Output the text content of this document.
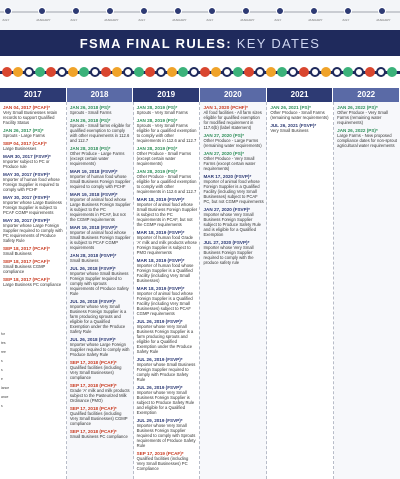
JULY	JANUARY	JULY	JANUARY	JULY	JANUARY	JULY	JANUARY	JULY	JANUARY	JULY	JANUARY
FSMA FINAL RULES: KEY DATES
2017	2018	2019	2020	2021	2022
JAN 04, 2017 (PCAF)*
Very Small Businesses retain records to support Qualified Facility Status
JAN 26, 2017 (PS)*
Sprouts - Large Farms
SEP 04, 2017 (CAF)*
Large Businesses
MAR 30, 2017 (FSVP)*
Importer subject to PC or Produce rule
MAY 30, 2017 (FSVP)*
Importer of human food whose Foreign Supplier is required to comply with PCHF
MAY 30, 2017 (FSVP)*
Importer whose Large Business Foreign Supplier is subject to PCAF CGMP requirements
MAY 30, 2017 (FSVP)*
Importer whose Large Foreign Supplier required to comply with PC requirements of Produce Safety Rule
SEP 18, 2017 (PCAF)*
Small Business
SEP 18, 2017 (PCAF)*
Small Business CGMP compliance
SEP 18, 2017 (PCAF)*
Large Business PC compliance
JAN 26, 2018 (PS)*
Sprouts - Small Farms
JAN 26, 2018 (PS)*
Sprouts - Small farms eligible for qualified exemption to comply with other requirements in 112.6 and 112.7
JAN 28, 2018 (PS)*
Other Produce - Large Farms (except certain water requirements)
MAR 19, 2018 (FSVP)*
Importer of human food whose Small Business Foreign Supplier required to comply with PCHF
MAR 19, 2018 (FSVP)*
Importer of animal food whose Large Business Foreign Supplier is subject to the PC requirements in PCAF, but not the CGMP requirements
MAR 19, 2018 (FSVP)*
Importer of animal food whose Small Business Foreign Supplier is subject to PCAF CGMP requirements
JAN 28, 2018 (FSVP)*
Small Business
JUL 26, 2018 (FSVP)*
Importer whose Small Business Foreign Supplier required to comply with sprouts requirements of Produce Safety Rule
JUL 26, 2018 (FSVP)*
Importer whose Very Small Business Foreign Supplier is a farm producing sprouts and eligible for a Qualified Exemption under the Produce Safety Rule
JUL 26, 2018 (FSVP)*
Importer whose Large Foreign Supplier required to comply with Produce Safety Rule
SEP 17, 2018 (PCAF)*
Qualified facilities (including Very Small Businesses) compliance
SEP 17, 2018 (PCHF)*
Grade 'A' milk and milk products subject to the Pasteurized Milk Ordinance (PMO)
SEP 17, 2018 (PCAF)*
Qualified facilities (including Very Small Businesses) CGMP compliance
SEP 17, 2018 (PCAF)*
Small Business PC compliance
JAN 28, 2019 (PS)*
Sprouts - Very Small Farms
JAN 28, 2019 (PS)*
Sprouts - Very Small Farms eligible for a qualified exemption to comply with other requirements in 112.6 and 112.7
JAN 28, 2019 (PS)*
Other Produce - Small Farms (except certain water requirements)
JAN 28, 2019 (PS)*
Other Produce - Small Farms eligible for a qualified exemption to comply with other requirements in 112.6 and 112.7
MAR 18, 2019 (FSVP)*
Importer of animal food whose Small Business Foreign Supplier is subject to the PC requirements in PCAF, but not the CGMP requirements
MAR 18, 2019 (FSVP)*
Importer of human food Grade 'A' milk and milk products whose Foreign Supplier is subject to PMO requirements
MAR 18, 2019 (FSVP)*
Importer of human food whose Foreign Supplier is a Qualified Facility (including Very Small Businesses)
MAR 18, 2019 (FSVP)*
Importer of animal food whose Foreign Supplier is a Qualified Facility (including Very Small Businesses) subject to PCAF CGMP requirements
JUL 26, 2019 (FSVP)*
Importer whose Very Small Business Foreign Supplier is a farm producing sprouts and eligible for a Qualified Exemption under the Produce Safety Rule
JUL 26, 2019 (FSVP)*
Importer whose Small Business Foreign Supplier required to comply with Produce Safety Rule
JUL 26, 2019 (FSVP)*
Importer whose Very Small Business Foreign Supplier is subject to Produce Safety Rule and eligible for a Qualified Exemption
JUL 29, 2019 (FSVP)*
Importer whose Very Small Business Foreign Supplier required to comply with Sprouts requirements of Produce Safety Rule
SEP 17, 2019 (PCAF)*
Qualified facilities (including Very Small Businesses) PC Compliance
JAN 1, 2020 (PCHF)*
All food facilities - All farm sizes eligible for qualified exemption for modified requirement in 117.6(b) (label statement)
JAN 27, 2020 (PS)*
Other Produce - Large Farms (remaining water requirements)
JAN 27, 2020 (PS)*
Other Produce - Very Small Farms (except certain water requirements)
MAR 17, 2020 (FSVP)*
Importer of animal food whose Foreign Supplier is a Qualified Facility (including Very Small Businesses) subject to PCAF PC, but not CGMP requirements
JAN 27, 2020 (FSVP)*
Importer whose Very Small Business Foreign Supplier subject to Produce Safety Rule and is eligible for a Qualified Exemption
JUL 27, 2020 (FSVP)*
Importer whose Very Small Business Foreign Supplier required to comply with the produce safety rule
JAN 26, 2021 (PS)*
Other Produce - Small Farms (remaining water requirements)
JUL 26, 2021 (FSVP)*
Very Small Business
JAN 26, 2022 (PS)*
Other Produce - Very Small Farms (remaining water requirements)
JAN 26, 2022 (PS)*
Large Farms - New proposed compliance dates for non-sprout agricultural water requirements
for
tes
ree
s
s
e
lance
ance
s
